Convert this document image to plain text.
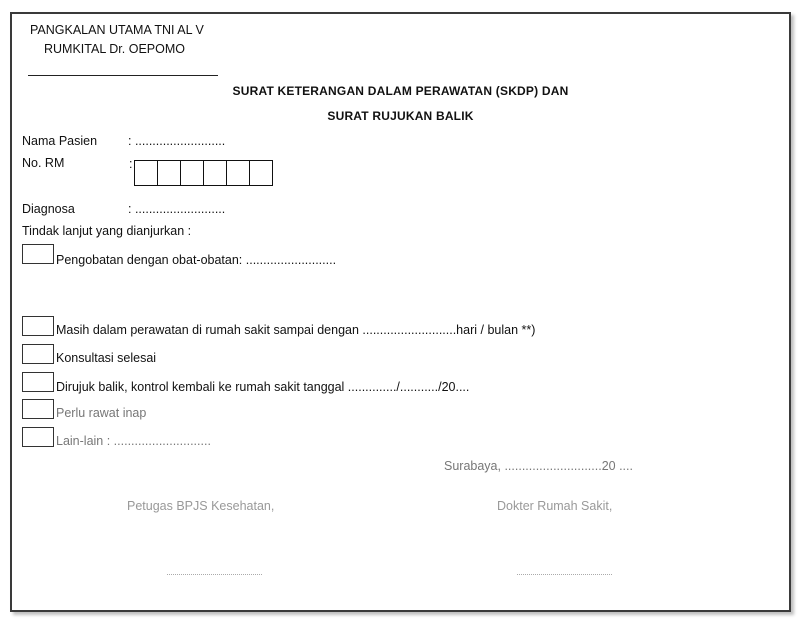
PANGKALAN UTAMA TNI AL V
RUMKITAL Dr. OEPOMO
SURAT KETERANGAN DALAM PERAWATAN (SKDP) DAN
SURAT RUJUKAN BALIK
Nama Pasien : ..........................
No. RM	:
Diagnosa	: ..........................
Tindak lanjut yang dianjurkan :
Pengobatan dengan obat-obatan: ..........................
Masih dalam perawatan di rumah sakit sampai dengan ...........................hari / bulan **)
Konsultasi selesai
Dirujuk balik, kontrol kembali ke rumah sakit tanggal ............../.........../20....
Perlu rawat inap
Lain-lain : ............................
Surabaya, ............................20 ....
Petugas BPJS Kesehatan,	Dokter Rumah Sakit,
